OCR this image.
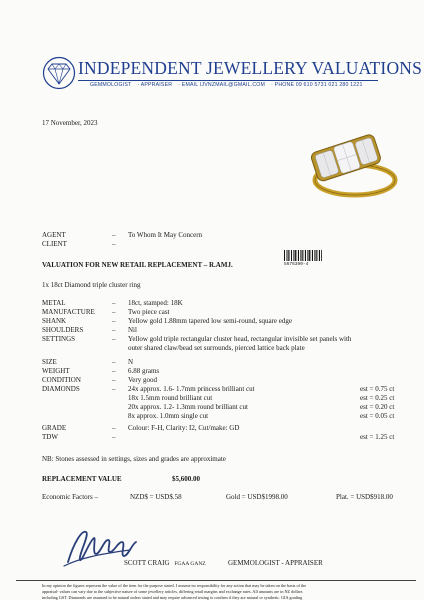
INDEPENDENT JEWELLERY VALUATIONS
GEMMOLOGIST · APPRAISER · EMAIL IJVNZMAIL@GMAIL.COM · PHONE 09 610 5731 021 280 1221
17 November, 2023
AGENT	– To Whom It May Concern
CLIENT	–
VALUATION FOR NEW RETAIL REPLACEMENT – R.AMJ.	5676390-4
1x 18ct Diamond triple cluster ring
METAL	– 18ct, stamped: 18K
MANUFACTURE – Two piece cast
SHANK	– Yellow gold 1.88mm tapered low semi-round, square edge
SHOULDERS	– Nil
SETTINGS	– Yellow gold triple rectangular cluster head, rectangular invisible set panels with
outer shared claw/bead set surrounds, pierced lattice back plate
SIZE	– N
WEIGHT	– 6.88 grams
CONDITION	– Very good
DIAMONDS	– 24x approx. 1.6- 1.7mm princess brilliant cut	est = 0.75 ct
18x 1.5mm round brilliant cut	est = 0.25 ct
20x approx. 1.2- 1.3mm round brilliant cut	est = 0.20 ct
8x approx. 1.0mm single cut	est = 0.05 ct
GRADE	– Colour: F-H, Clarity: I2, Cut/make: GD
TDW	–	est = 1.25 ct
NB: Stones assessed in settings, sizes and grades are approximate
REPLACEMENT VALUE	$5,600.00
Economic Factors –	NZD$ = USD$.58	Gold = USD$1998.00	Plat. = USD$918.00
SCOTT CRAIG FGAA GANZ	GEMMOLOGIST - APPRAISER
In my opinion the figures represent the value of the item for the purpose stated. I assume no responsibility for any action that may be taken on the basis of the
appraisal- values can vary due to the subjective nature of some jewellery articles, differing retail margins and exchange rates. All amounts are in NZ dollars
including GST. Diamonds are assumed to be natural unless stated and may require advanced testing to confirm if they are natural or synthetic. GIA grading
